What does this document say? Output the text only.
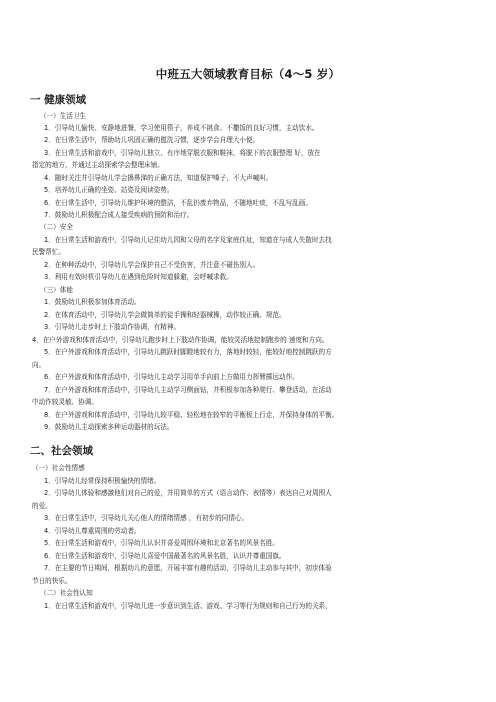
中班五大领域教育目标（4～5 岁）
一 健康领域
（一）生活卫生
1．引导幼儿愉快、安静地进餐，学习使用筷子，养成不挑食、不撒饭的良好习惯，主动饮水。
2．在日常生活中，帮助幼儿巩固正确的盥洗习惯，逐步学会自理大小便。
3．在日常生活和游戏中，引导幼儿独立、有序地穿脱衣服和鞋袜，将脱下的衣服整理 好，放在
指定的地方，并通过主动探索学会整理床铺。
4．随时关注并引导幼儿学会擤鼻涕的正确方法，知道保护嗓子，不大声喊叫。
5．培养幼儿正确的坐姿、站姿及阅读姿势。
6．在日常生活中，引导幼儿维护环境的整洁，不乱扔废弃物品，不随地吐痰，不乱写乱画。
7．鼓励幼儿积极配合成人接受疾病的预防和治疗。
（二）安全
1．在日常生活和游戏中，引导幼儿记住幼儿园和父母的名字及家庭住址，知道在与成人失散时去找
民警帮忙。
2．在种种活动中，引导幼儿学会保护自己不受伤害，并注意不碰伤别人。
3．利用有效时机引导幼儿在遇到危险时知道躲避，会呼喊求救。
（三）体能
1．鼓励幼儿积极参加体育活动。
2．在体育活动中，引导幼儿学会做简单的徒手操和轻器械操，动作较正确、规范。
3．引导幼儿走步时上下肢动作协调，有精神。
4．在户外游戏和体育活动中，引导幼儿跑步时上下肢动作协调，能较灵活地控制跑步的 速度和方向。
5．在户外游戏和体育活动中，引导幼儿跳跃时脚蹬地较有力，落地时较轻，能较好地控制跳跃的方
向。
6．在户外游戏和体育活动中，引导幼儿主动学习用单手向前上方做用力挥臂掷远动作。
7．在户外游戏和体育活动中，引导幼儿主动学习侧面钻，并积极参加各种爬行、攀登活动，在活动
中动作较灵敏、协调。
8．在户外游戏和体育活动中，引导幼儿较平稳、轻松地在较窄的平衡板上行走，并保持身体的平衡。
9．鼓励幼儿主动探索多种运动器材的玩法。
二、社会领域
（一）社会性情感
1．引导幼儿经常保持积极愉快的情绪。
2．引导幼儿体验和感激他们对自己的爱，并用简单的方式（语言动作、表情等）表达自己对周围人
的爱。
3．在日常生活中，引导幼儿关心他人的情绪情感 ，有初步的同情心。
4．引导幼儿尊重周围的劳动者。
5．在日常生活和游戏中，引导幼儿认识并喜爱周围环境和北京著名的风景名胜。
6．在日常生活和游戏中，引导幼儿喜爱中国最著名的风景名胜，认识并尊重国旗。
7．在主要的节日期间，根据幼儿的意愿，开展丰富有趣的活动，引导幼儿主动参与其中，初步体验
节日的快乐。
（二）社会性认知
1．在日常生活和游戏中，引导幼儿进一步意识到生活、游戏、学习等行为规则和自己行为的关系，
